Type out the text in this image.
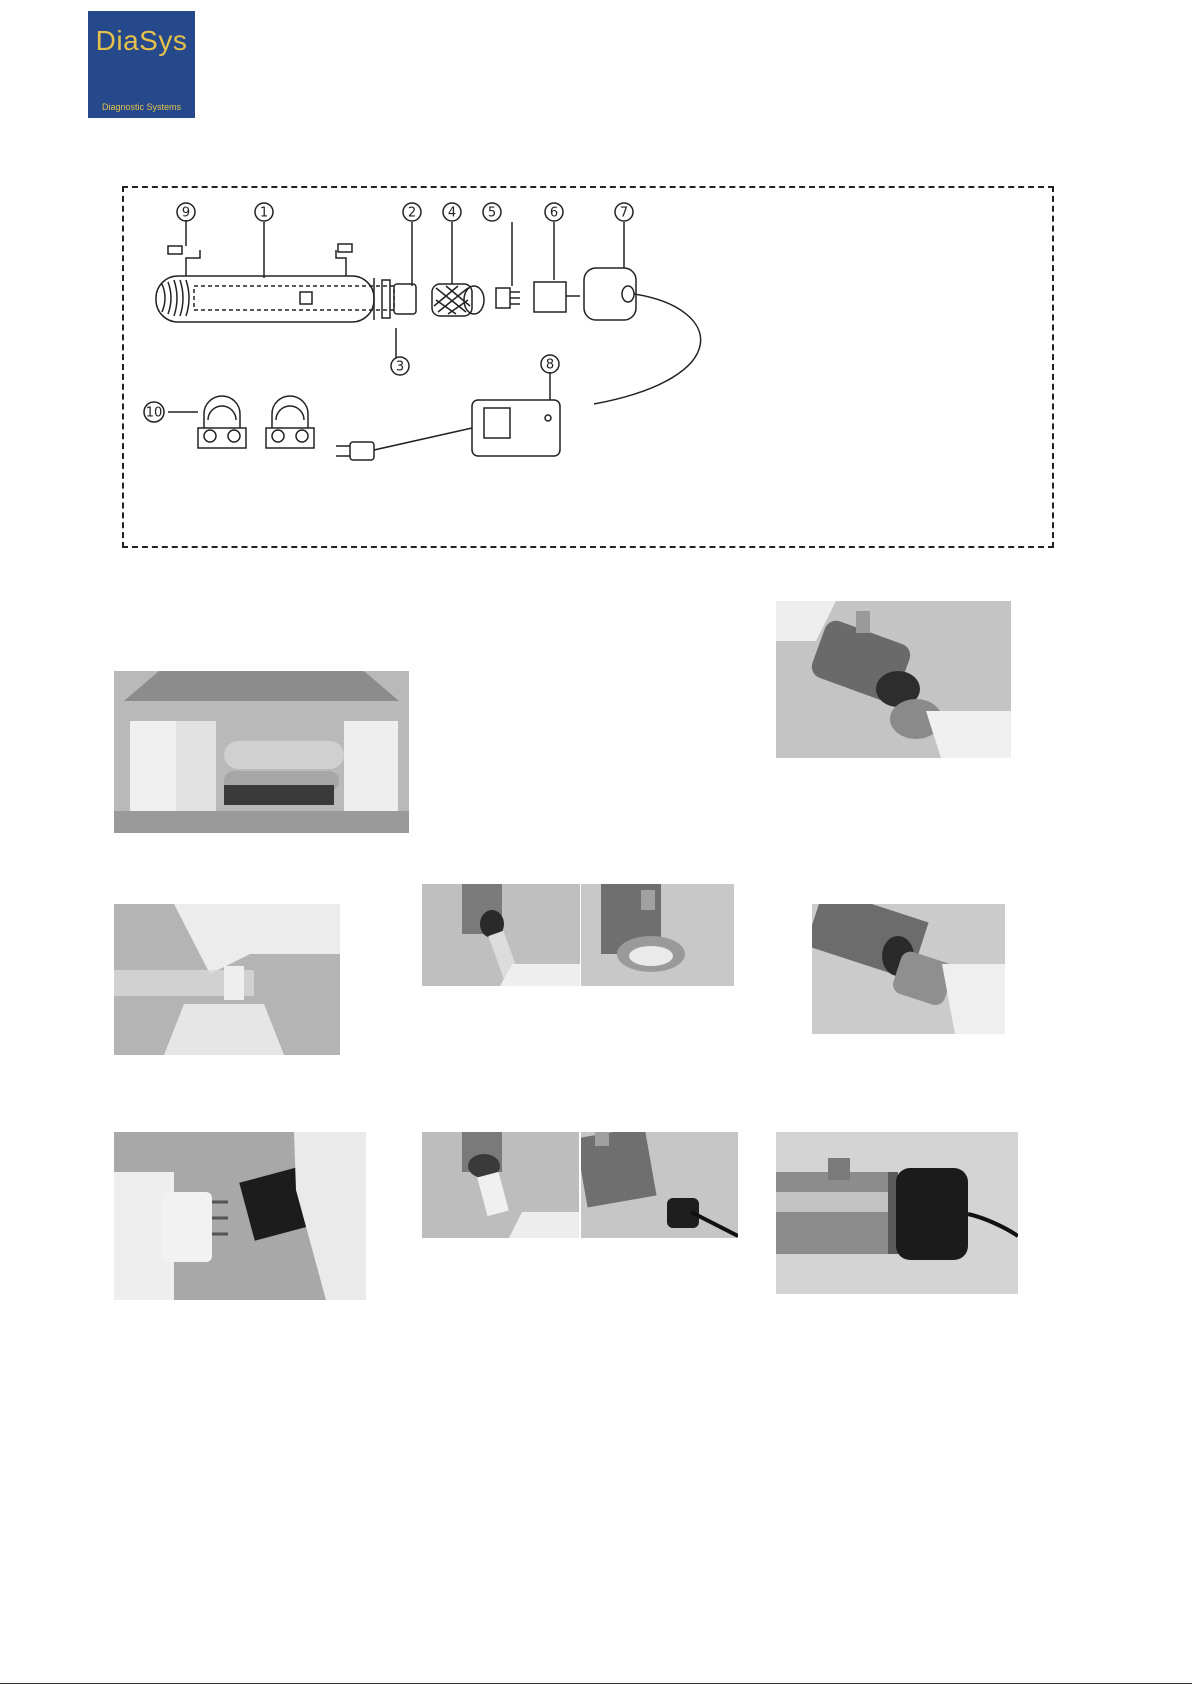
DiaSys
Diagnostic Systems
9	1	2 4 5	6	7
3	8
10
